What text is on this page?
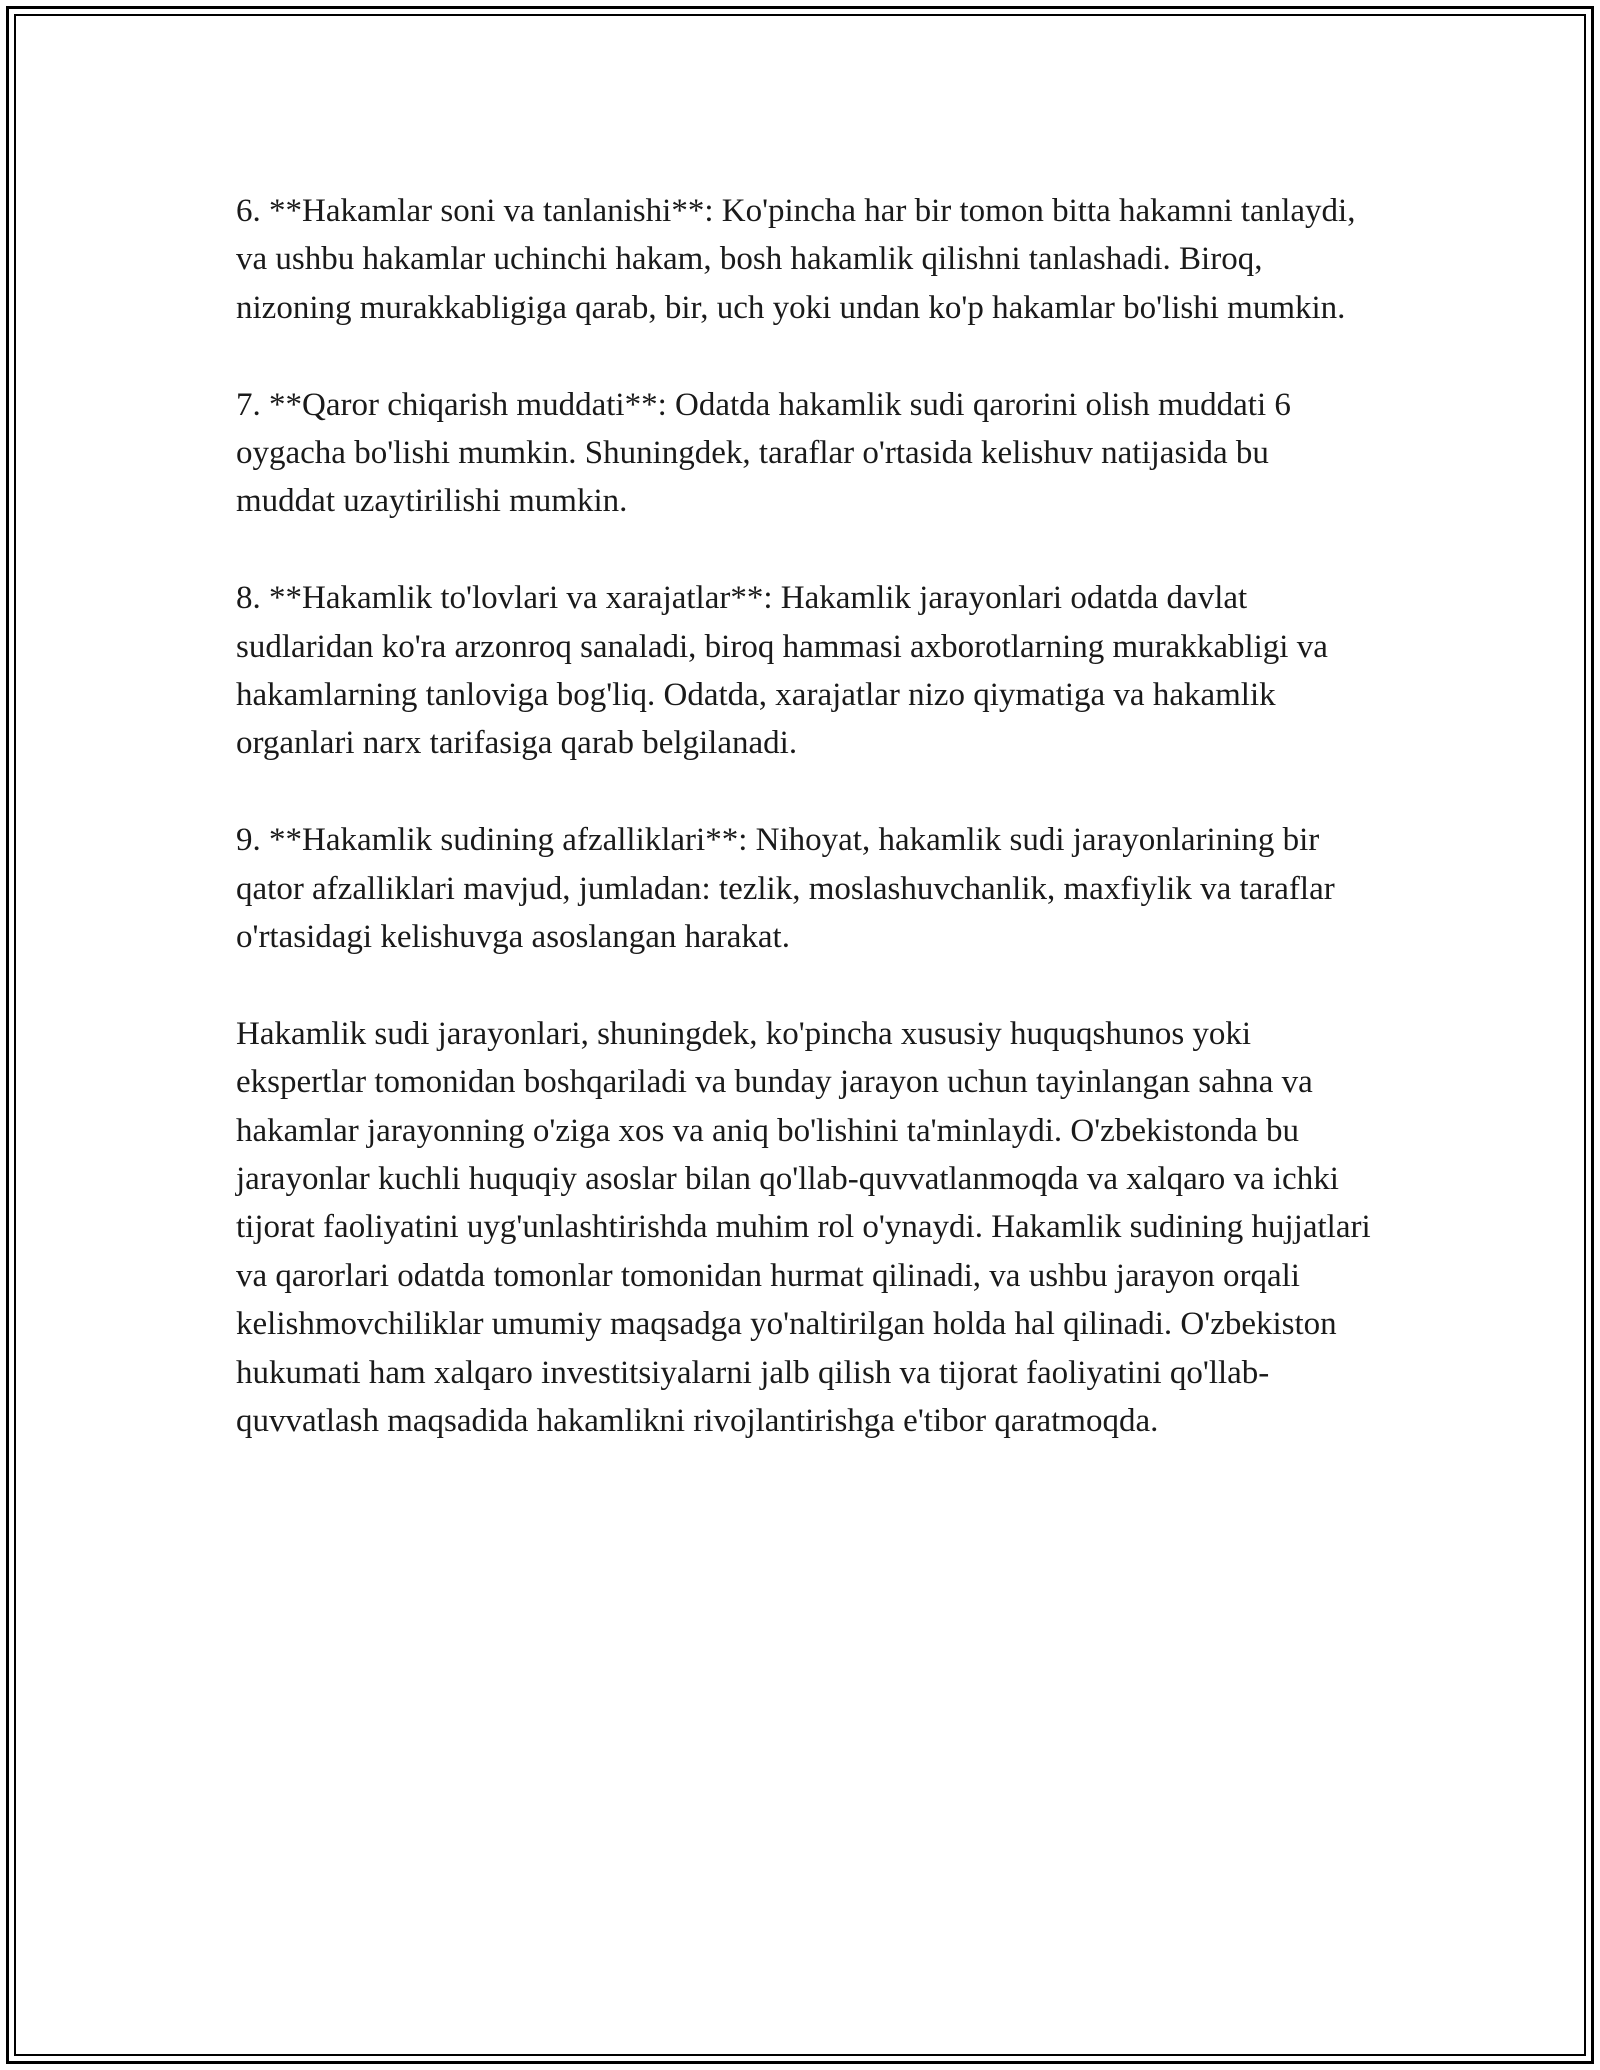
6. **Hakamlar soni va tanlanishi**: Ko'pincha har bir tomon bitta hakamni tanlaydi, va ushbu hakamlar uchinchi hakam, bosh hakamlik qilishni tanlashadi. Biroq, nizoning murakkabligiga qarab, bir, uch yoki undan ko'p hakamlar bo'lishi mumkin.

7. **Qaror chiqarish muddati**: Odatda hakamlik sudi qarorini olish muddati 6 oygacha bo'lishi mumkin. Shuningdek, taraflar o'rtasida kelishuv natijasida bu muddat uzaytirilishi mumkin.

8. **Hakamlik to'lovlari va xarajatlar**: Hakamlik jarayonlari odatda davlat sudlaridan ko'ra arzonroq sanaladi, biroq hammasi axborotlarning murakkabligi va hakamlarning tanloviga bog'liq. Odatda, xarajatlar nizo qiymatiga va hakamlik organlari narx tarifasiga qarab belgilanadi.

9. **Hakamlik sudining afzalliklari**: Nihoyat, hakamlik sudi jarayonlarining bir qator afzalliklari mavjud, jumladan: tezlik, moslashuvchanlik, maxfiylik va taraflar o'rtasidagi kelishuvga asoslangan harakat.

Hakamlik sudi jarayonlari, shuningdek, ko'pincha xususiy huquqshunos yoki ekspertlar tomonidan boshqariladi va bunday jarayon uchun tayinlangan sahna va hakamlar jarayonning o'ziga xos va aniq bo'lishini ta'minlaydi. O'zbekistonda bu jarayonlar kuchli huquqiy asoslar bilan qo'llab-quvvatlanmoqda va xalqaro va ichki tijorat faoliyatini uyg'unlashtirishda muhim rol o'ynaydi. Hakamlik sudining hujjatlari va qarorlari odatda tomonlar tomonidan hurmat qilinadi, va ushbu jarayon orqali kelishmovchiliklar umumiy maqsadga yo'naltirilgan holda hal qilinadi. O'zbekiston hukumati ham xalqaro investitsiyalarni jalb qilish va tijorat faoliyatini qo'llab-quvvatlash maqsadida hakamlikni rivojlantirishga e'tibor qaratmoqda.
